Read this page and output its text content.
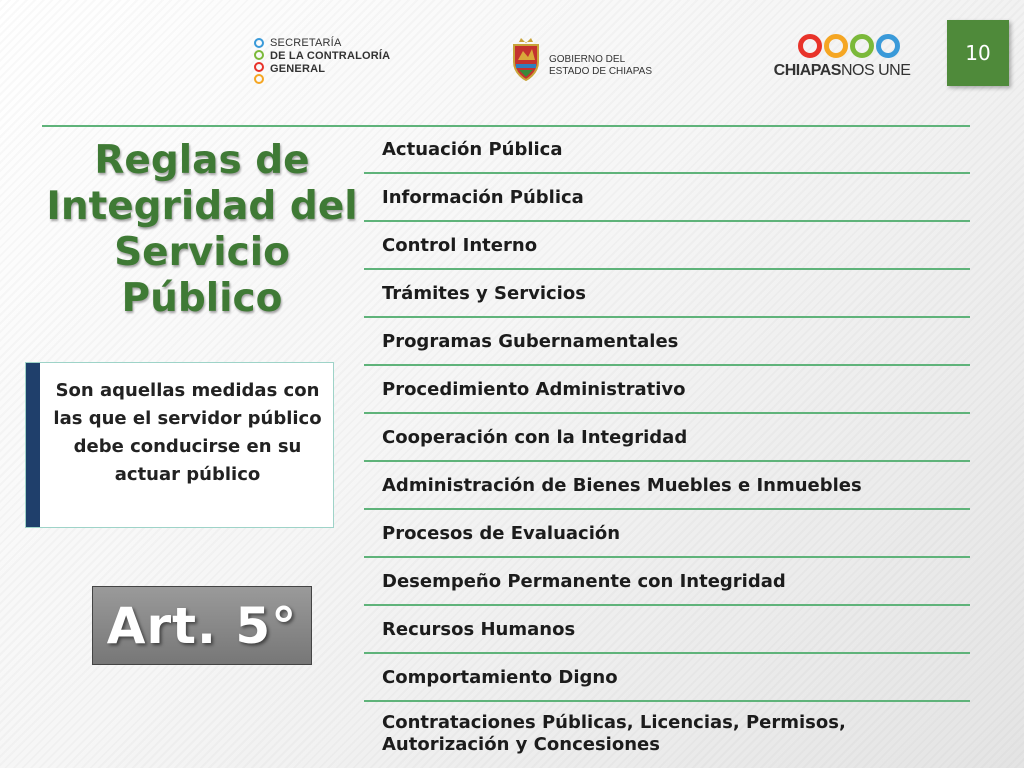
10
SECRETARÍA
DE LA CONTRALORÍA
GENERAL
GOBIERNO DEL
ESTADO DE CHIAPAS	CHIAPASNOS UNE
Reglas de Integridad del Servicio Público
Son aquellas medidas con las que el servidor público debe conducirse en su actuar público
Art. 5°
Actuación Pública
Información Pública
Control Interno
Trámites y Servicios
Programas Gubernamentales
Procedimiento Administrativo
Cooperación con la Integridad
Administración de Bienes Muebles e Inmuebles
Procesos de Evaluación
Desempeño Permanente con Integridad
Recursos Humanos
Comportamiento Digno
Contrataciones Públicas, Licencias, Permisos,
Autorización y Concesiones
